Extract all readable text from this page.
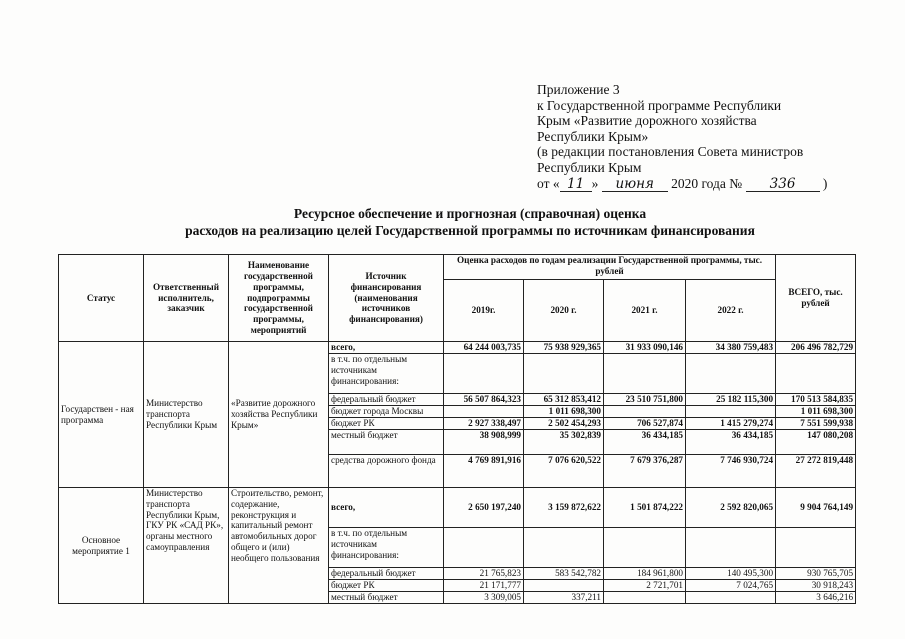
Приложение 3
к Государственной программе Республики
Крым «Развитие дорожного хозяйства
Республики Крым»
(в редакции постановления Совета министров
Республики Крым
от « 11 » июня 2020 года № 336 )
Ресурсное обеспечение и прогнозная (справочная) оценка
расходов на реализацию целей Государственной программы по источникам финансирования
Статус	Ответственный исполнитель, заказчик	Наименование государственной программы, подпрограммы государственной программы, мероприятий	Источник финансирования (наименования источников финансирования)	Оценка расходов по годам реализации Государственной программы, тыс. рублей				ВСЕГО, тыс. рублей
				2019г.	2020 г.	2021 г.	2022 г.	
Государствен - ная программа	Министерство транспорта Республики Крым	«Развитие дорожного хозяйства Республики Крым»	всего,	64 244 003,735	75 938 929,365	31 933 090,146	34 380 759,483	206 496 782,729
			в т.ч. по отдельным источникам финансирования:					
			федеральный бюджет	56 507 864,323	65 312 853,412	23 510 751,800	25 182 115,300	170 513 584,835
			бюджет города Москвы		1 011 698,300			1 011 698,300
			бюджет РК	2 927 338,497	2 502 454,293	706 527,874	1 415 279,274	7 551 599,938
			местный бюджет	38 908,999	35 302,839	36 434,185	36 434,185	147 080,208
			средства дорожного фонда	4 769 891,916	7 076 620,522	7 679 376,287	7 746 930,724	27 272 819,448
Основное мероприятие 1	Министерство транспорта Республики Крым, ГКУ РК «САД РК», органы местного самоуправления	Строительство, ремонт, содержание, реконструкция и капитальный ремонт автомобильных дорог общего и (или) необщего пользования	всего,	2 650 197,240	3 159 872,622	1 501 874,222	2 592 820,065	9 904 764,149
			в т.ч. по отдельным источникам финансирования:					
			федеральный бюджет	21 765,823	583 542,782	184 961,800	140 495,300	930 765,705
			бюджет РК	21 171,777		2 721,701	7 024,765	30 918,243
			местный бюджет	3 309,005	337,211			3 646,216
